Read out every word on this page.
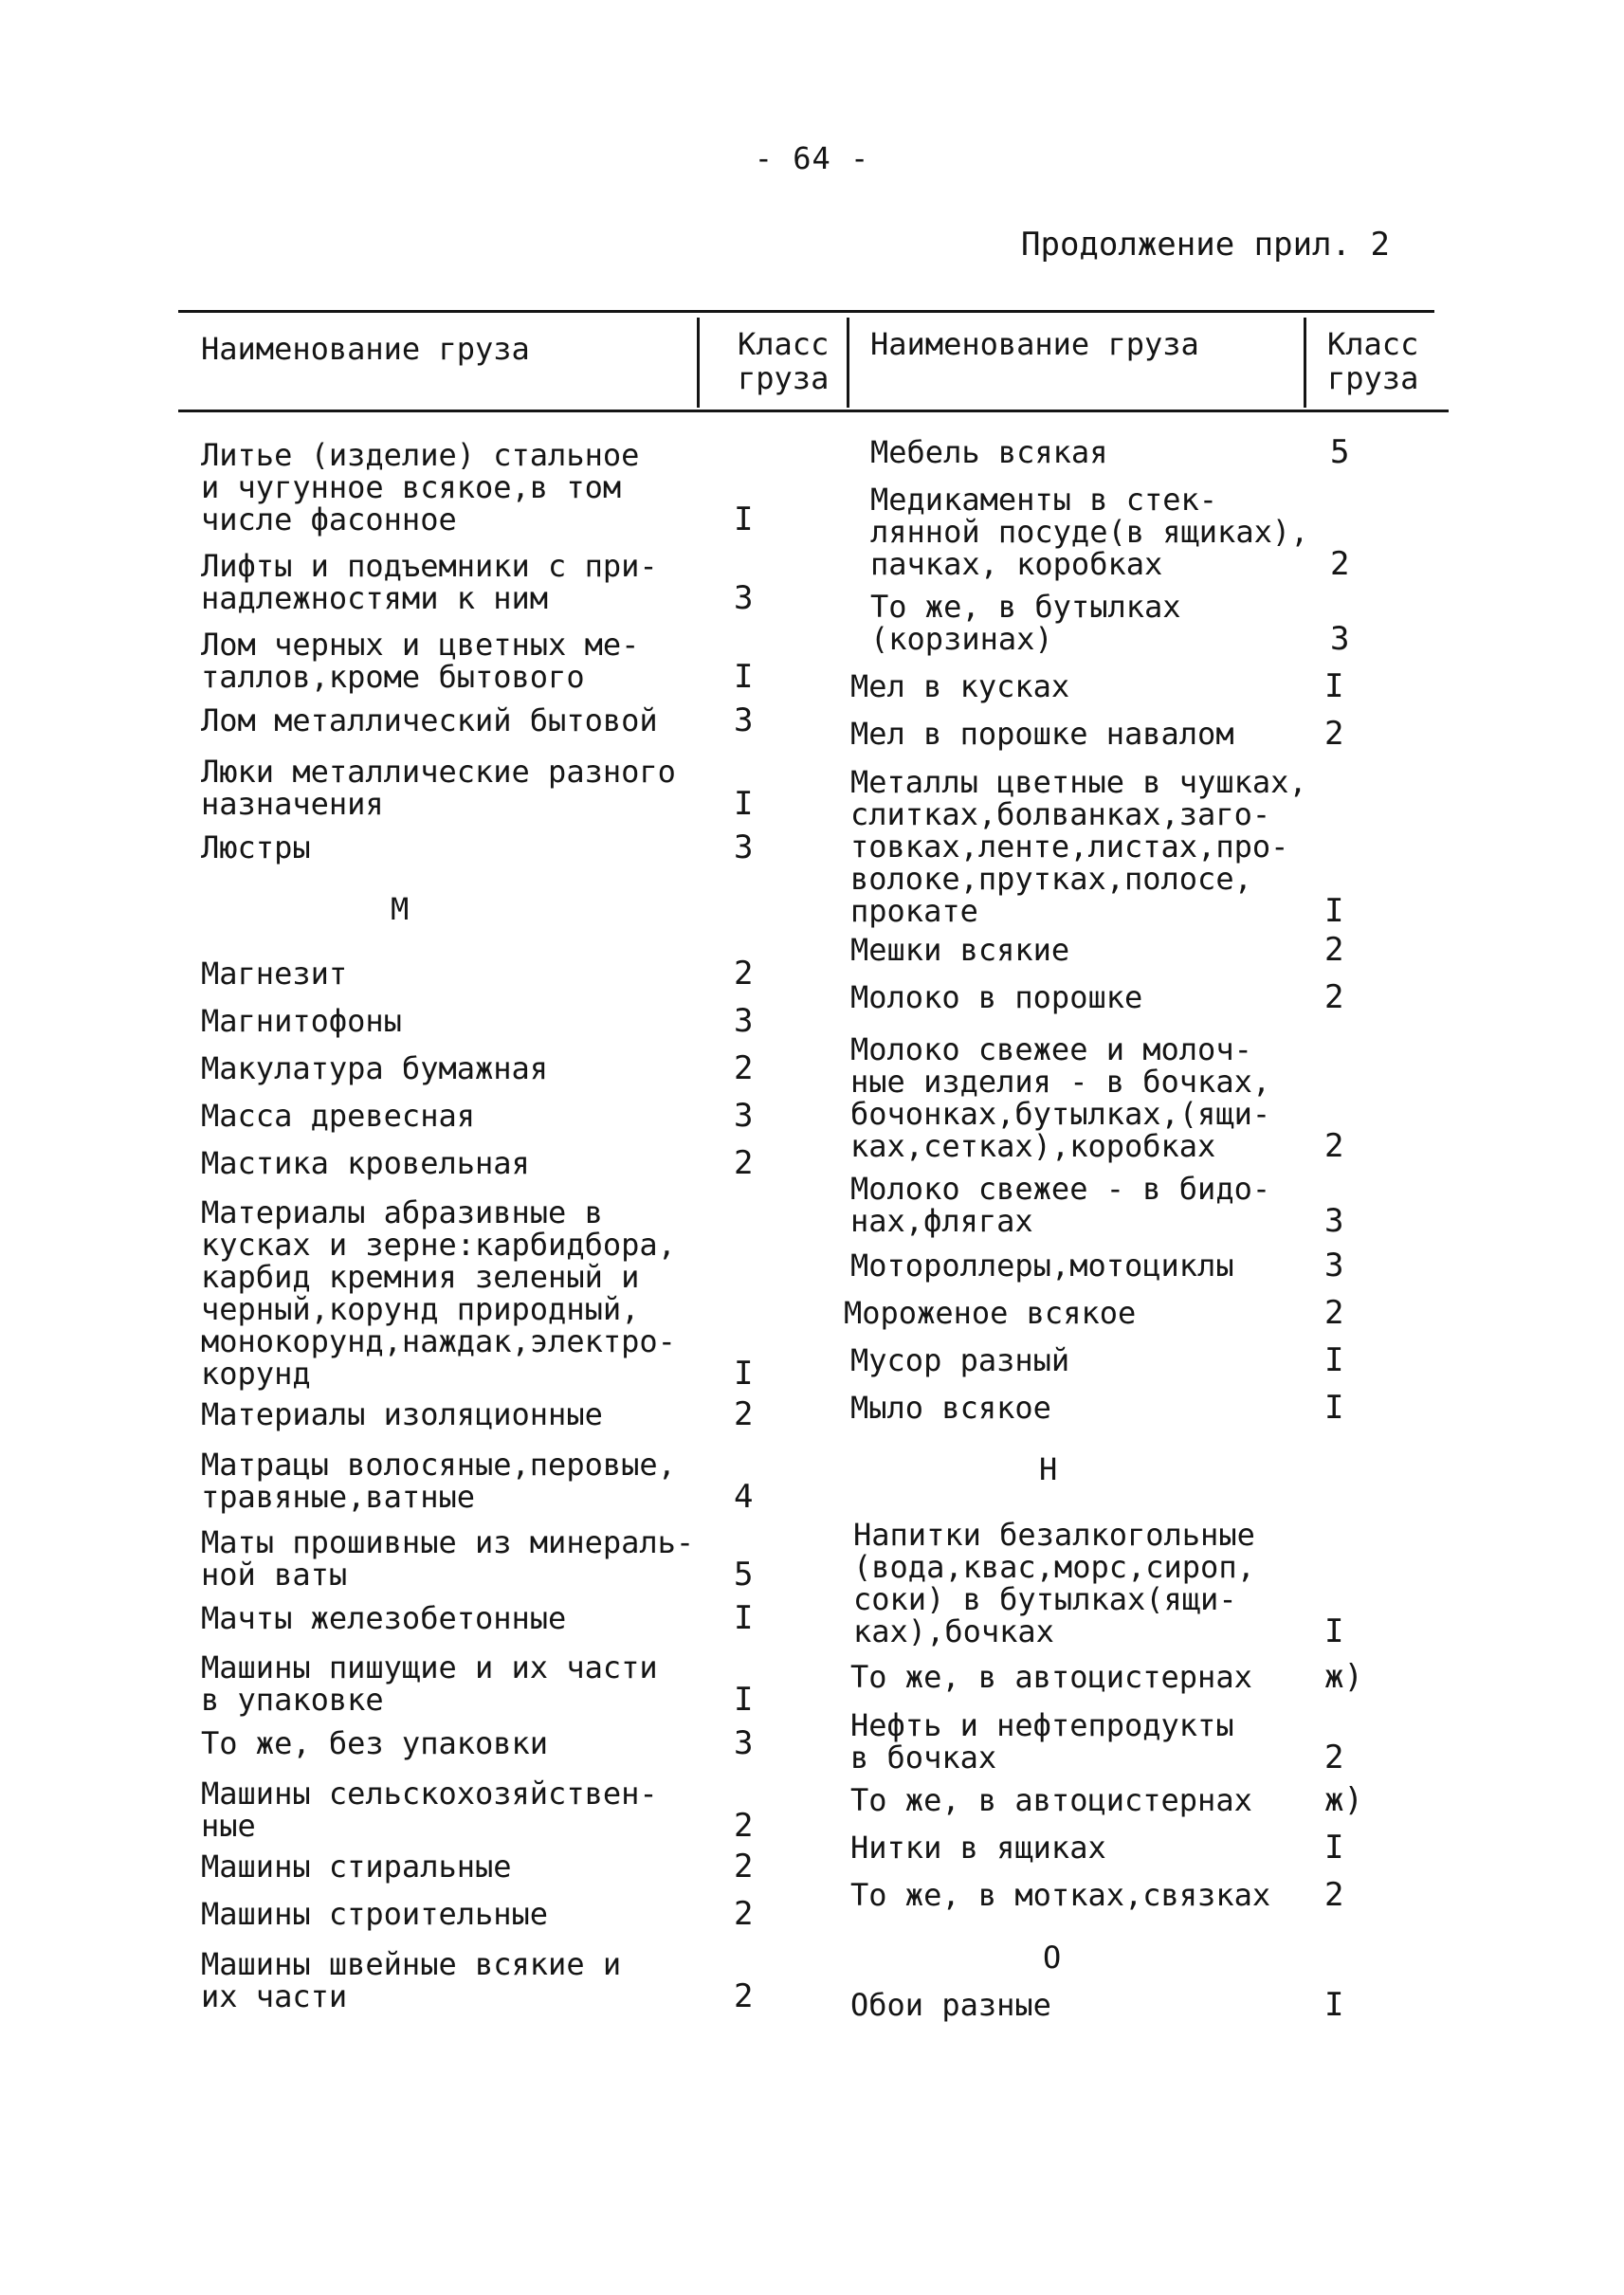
- 64 -
Продолжение прил. 2
Наименование груза	Класс
груза
Наименование груза	Класс
груза
Литье (изделие) стальное
и чугунное всякое,в том
числе фасонное	I
Лифты и подъемники с при-
надлежностями к ним	3
Лом черных и цветных ме-
таллов,кроме бытового	I
Лом металлический бытовой	3
Люки металлические разного
назначения	I
Люстры	3
М
Магнезит	2
Магнитофоны	3
Макулатура бумажная	2
Масса древесная	3
Мастика кровельная	2
Материалы абразивные в
кусках и зерне:карбидбора,
карбид кремния зеленый и
черный,корунд природный,
монокорунд,наждак,электро-
корунд	I
Материалы изоляционные	2
Матрацы волосяные,перовые,
травяные,ватные	4
Маты прошивные из минераль-
ной ваты	5
Мачты железобетонные	I
Машины пишущие и их части
в упаковке	I
То же, без упаковки	3
Машины сельскохозяйствен-
ные	2
Машины стиральные	2
Машины строительные	2
Машины швейные всякие и
их части	2
Мебель всякая	5
Медикаменты в стек-
лянной посуде(в ящиках),
пачках, коробках	2
То же, в бутылках
(корзинах)	3
Мел в кусках	I
Мел в порошке навалом	2
Металлы цветные в чушках,
слитках,болванках,заго-
товках,ленте,листах,про-
волоке,прутках,полосе,
прокате	I
Мешки всякие	2
Молоко в порошке	2
Молоко свежее и молоч-
ные изделия - в бочках,
бочонках,бутылках,(ящи-
ках,сетках),коробках	2
Молоко свежее - в бидо-
нах,флягах	3
Мотороллеры,мотоциклы	3
Мороженое всякое	2
Мусор разный	I
Мыло всякое	I
Н
Напитки безалкогольные
(вода,квас,морс,сироп,
соки) в бутылках(ящи-
ках),бочках	I
То же, в автоцистернах	ж)
Нефть и нефтепродукты
в бочках	2
То же, в автоцистернах	ж)
Нитки в ящиках	I
То же, в мотках,связках	2
О
Обои разные	I
